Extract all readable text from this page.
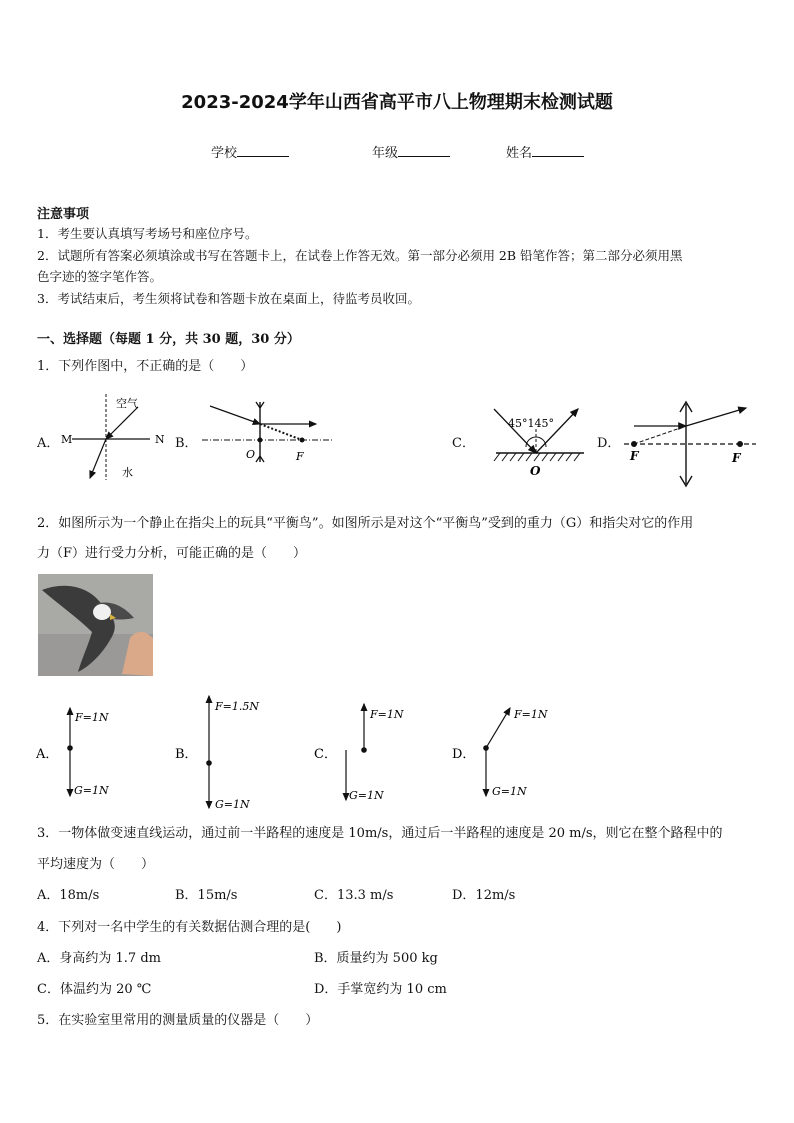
2023-2024学年山西省高平市八上物理期末检测试题
学校	年级	姓名
注意事项
1．考生要认真填写考场号和座位序号。
2．试题所有答案必须填涂或书写在答题卡上，在试卷上作答无效。第一部分必须用 2B 铅笔作答；第二部分必须用黑
色字迹的签字笔作答。
3．考试结束后，考生须将试卷和答题卡放在桌面上，待监考员收回。
一、选择题（每题 1 分，共 30 题，30 分）
1．下列作图中，不正确的是（　　）
A．
空气
水
M	N B．
O	F
C．
45°145°
O
D．
F	F
2．如图所示为一个静止在指尖上的玩具“平衡鸟”。如图所示是对这个“平衡鸟”受到的重力（G）和指尖对它的作用
力（F）进行受力分析，可能正确的是（　　）
A．
F=1N
G=1N
B．
F=1.5N
G=1N
C．
F=1N
G=1N
D．
F=1N
G=1N
3．一物体做变速直线运动，通过前一半路程的速度是 10m/s，通过后一半路程的速度是 20 m/s，则它在整个路程中的
平均速度为（　　）
A．18m/s	B．15m/s	C．13.3 m/s	D．12m/s
4．下列对一名中学生的有关数据估测合理的是(　　)
A．身高约为 1.7 dm	B．质量约为 500 kg
C．体温约为 20 ℃	D．手掌宽约为 10 cm
5．在实验室里常用的测量质量的仪器是（　　）
